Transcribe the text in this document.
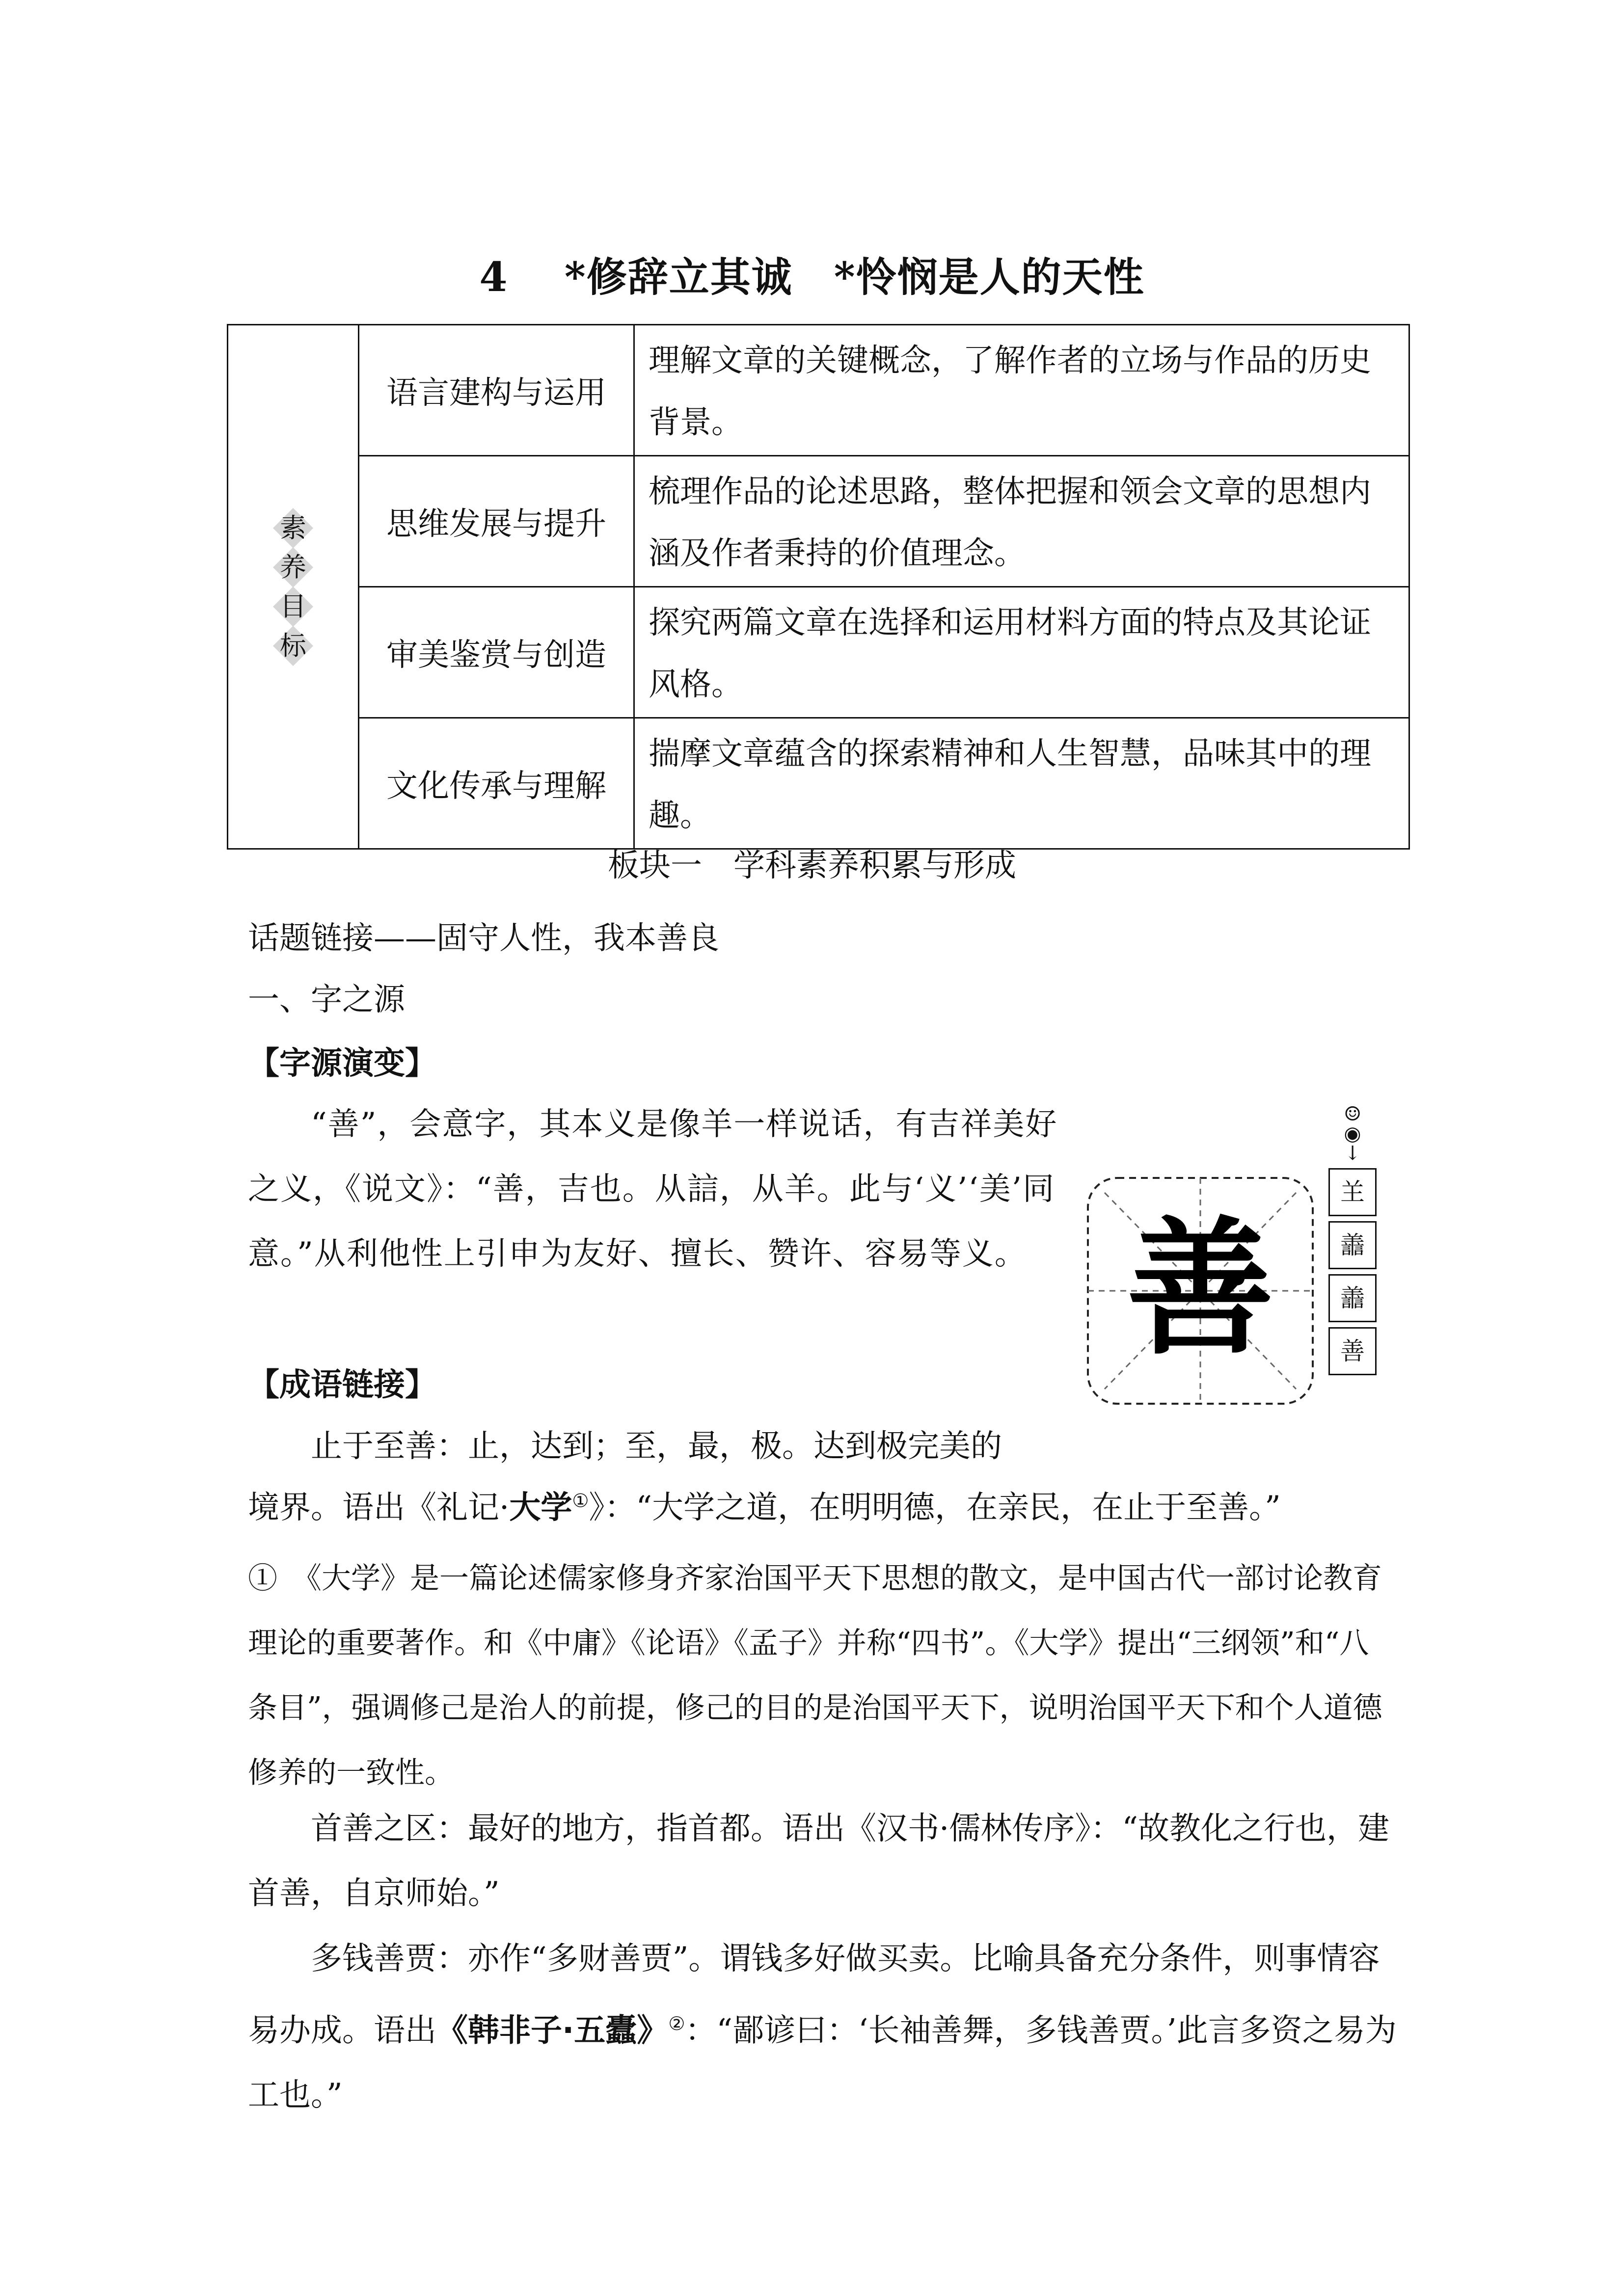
4　 *修辞立其诚　*怜悯是人的天性
素
养
目
标	语言建构与运用	理解文章的关键概念，了解作者的立场与作品的历史背景。
	思维发展与提升	梳理作品的论述思路，整体把握和领会文章的思想内涵及作者秉持的价值理念。
	审美鉴赏与创造	探究两篇文章在选择和运用材料方面的特点及其论证风格。
	文化传承与理解	揣摩文章蕴含的探索精神和人生智慧，品味其中的理趣。
板块一　学科素养积累与形成
话题链接——固守人性，我本善良
一、字之源
【字源演变】
“善”，会意字，其本义是像羊一样说话，有吉祥美好之义，《说文》：“善，吉也。从誩，从羊。此与‘义’‘美’同意。”从利他性上引申为友好、擅长、赞许、容易等义。 善
☺
◉
↓
𦍌
譱
譱
善
【成语链接】
止于至善：止，达到；至，最，极。达到极完美的
境界。语出《礼记·大学①》：“大学之道，在明明德，在亲民，在止于至善。”
①　《大学》是一篇论述儒家修身齐家治国平天下思想的散文，是中国古代一部讨论教育理论的重要著作。和《中庸》《论语》《孟子》并称“四书”。《大学》提出“三纲领”和“八条目”，强调修己是治人的前提，修己的目的是治国平天下，说明治国平天下和个人道德修养的一致性。
首善之区：最好的地方，指首都。语出《汉书·儒林传序》：“故教化之行也，建首善，自京师始。”
多钱善贾：亦作“多财善贾”。谓钱多好做买卖。比喻具备充分条件，则事情容易办成。语出《韩非子·五蠹》②：“鄙谚曰：‘长袖善舞，多钱善贾。’此言多资之易为工也。”
